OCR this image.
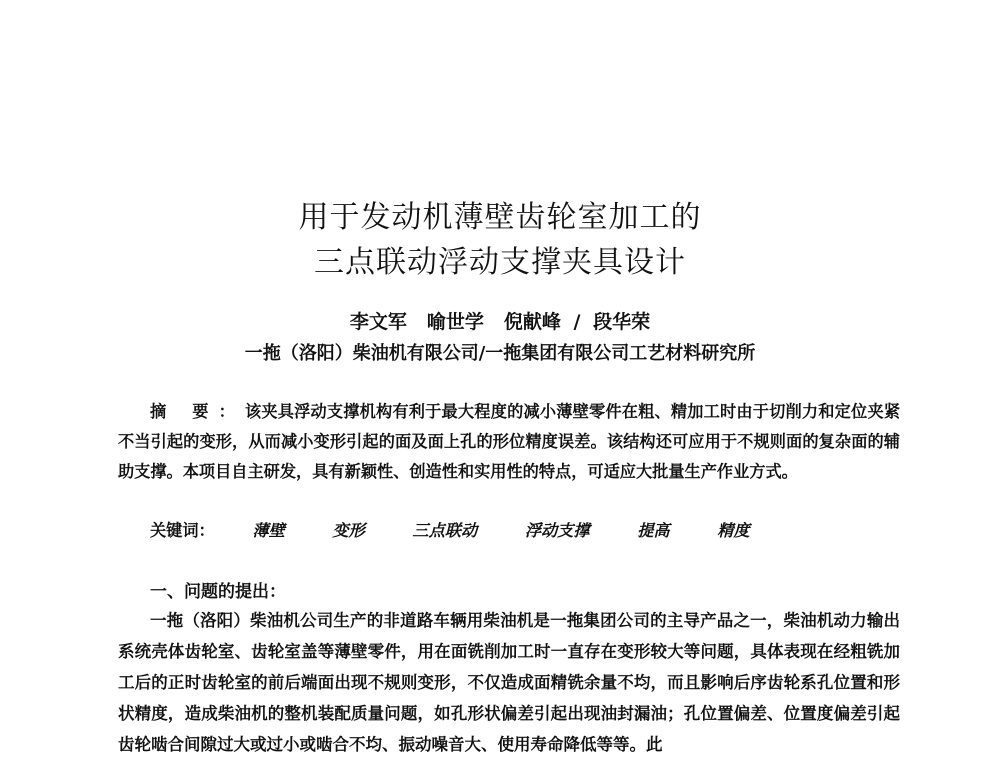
用于发动机薄壁齿轮室加工的
三点联动浮动支撑夹具设计

李文军 喻世学 倪献峰 / 段华荣

一拖（洛阳）柴油机有限公司/一拖集团有限公司工艺材料研究所

摘 要：该夹具浮动支撑机构有利于最大程度的减小薄壁零件在粗、精加工时由于切削力和定位夹紧不当引起的变形，从而减小变形引起的面及面上孔的形位精度误差。该结构还可应用于不规则面的复杂面的辅助支撑。本项目自主研发，具有新颖性、创造性和实用性的特点，可适应大批量生产作业方式。

关键词： 薄壁	变形	三点联动	浮动支撑	提高	精度

一、问题的提出：

一拖（洛阳）柴油机公司生产的非道路车辆用柴油机是一拖集团公司的主导产品之一，柴油机动力输出系统壳体齿轮室、齿轮室盖等薄壁零件，用在面铣削加工时一直存在变形较大等问题，具体表现在经粗铣加工后的正时齿轮室的前后端面出现不规则变形，不仅造成面精铣余量不均，而且影响后序齿轮系孔位置和形状精度，造成柴油机的整机装配质量问题，如孔形状偏差引起出现油封漏油；孔位置偏差、位置度偏差引起齿轮啮合间隙过大或过小或啮合不均、振动噪音大、使用寿命降低等等。此
